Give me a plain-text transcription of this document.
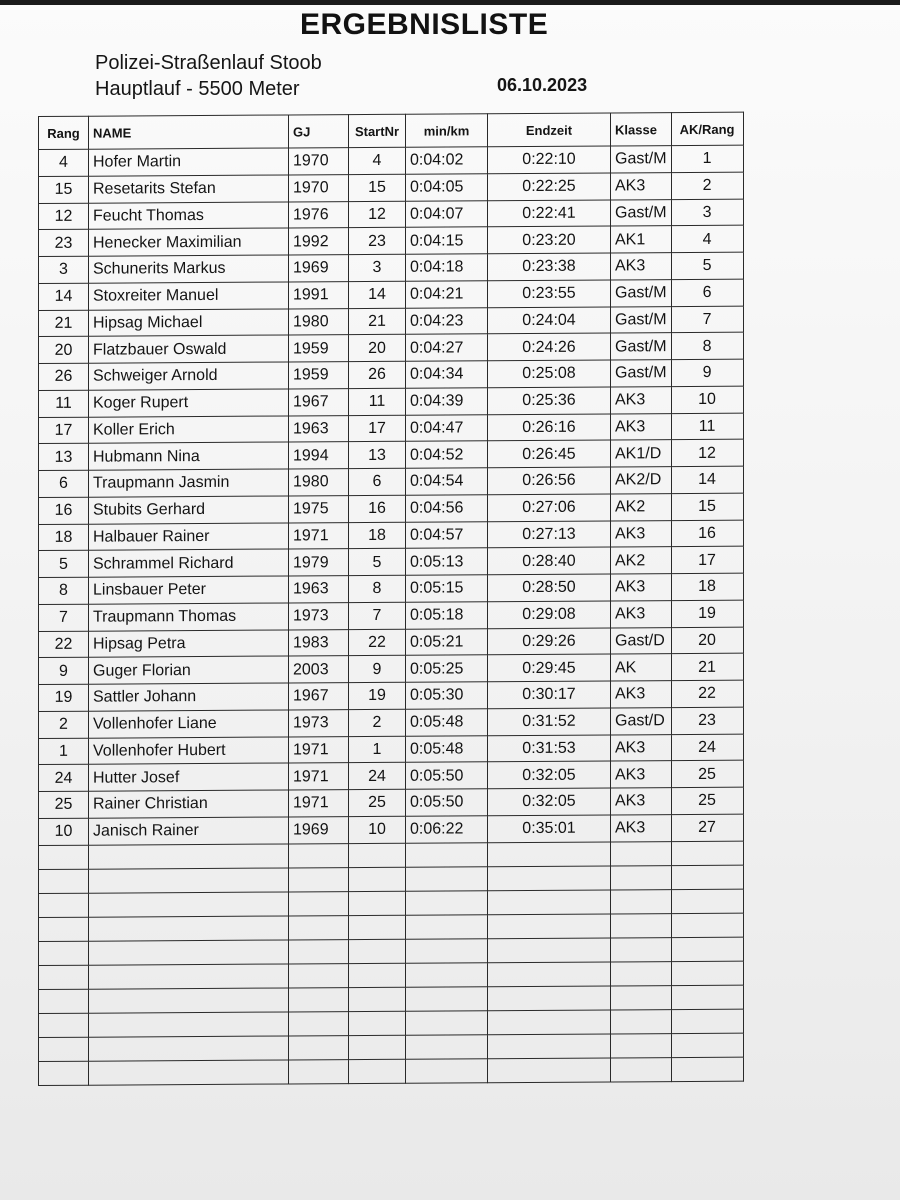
ERGEBNISLISTE
Polizei-Straßenlauf Stoob
Hauptlauf - 5500 Meter	06.10.2023
Rang	NAME	GJ	StartNr	min/km	Endzeit	Klasse	AK/Rang
4	Hofer Martin	1970	4	0:04:02	0:22:10	Gast/M	1
15	Resetarits Stefan	1970	15	0:04:05	0:22:25	AK3	2
12	Feucht Thomas	1976	12	0:04:07	0:22:41	Gast/M	3
23	Henecker Maximilian	1992	23	0:04:15	0:23:20	AK1	4
3	Schunerits Markus	1969	3	0:04:18	0:23:38	AK3	5
14	Stoxreiter Manuel	1991	14	0:04:21	0:23:55	Gast/M	6
21	Hipsag Michael	1980	21	0:04:23	0:24:04	Gast/M	7
20	Flatzbauer Oswald	1959	20	0:04:27	0:24:26	Gast/M	8
26	Schweiger Arnold	1959	26	0:04:34	0:25:08	Gast/M	9
11	Koger Rupert	1967	11	0:04:39	0:25:36	AK3	10
17	Koller Erich	1963	17	0:04:47	0:26:16	AK3	11
13	Hubmann Nina	1994	13	0:04:52	0:26:45	AK1/D	12
6	Traupmann Jasmin	1980	6	0:04:54	0:26:56	AK2/D	14
16	Stubits Gerhard	1975	16	0:04:56	0:27:06	AK2	15
18	Halbauer Rainer	1971	18	0:04:57	0:27:13	AK3	16
5	Schrammel Richard	1979	5	0:05:13	0:28:40	AK2	17
8	Linsbauer Peter	1963	8	0:05:15	0:28:50	AK3	18
7	Traupmann Thomas	1973	7	0:05:18	0:29:08	AK3	19
22	Hipsag Petra	1983	22	0:05:21	0:29:26	Gast/D	20
9	Guger Florian	2003	9	0:05:25	0:29:45	AK	21
19	Sattler Johann	1967	19	0:05:30	0:30:17	AK3	22
2	Vollenhofer Liane	1973	2	0:05:48	0:31:52	Gast/D	23
1	Vollenhofer Hubert	1971	1	0:05:48	0:31:53	AK3	24
24	Hutter Josef	1971	24	0:05:50	0:32:05	AK3	25
25	Rainer Christian	1971	25	0:05:50	0:32:05	AK3	25
10	Janisch Rainer	1969	10	0:06:22	0:35:01	AK3	27
